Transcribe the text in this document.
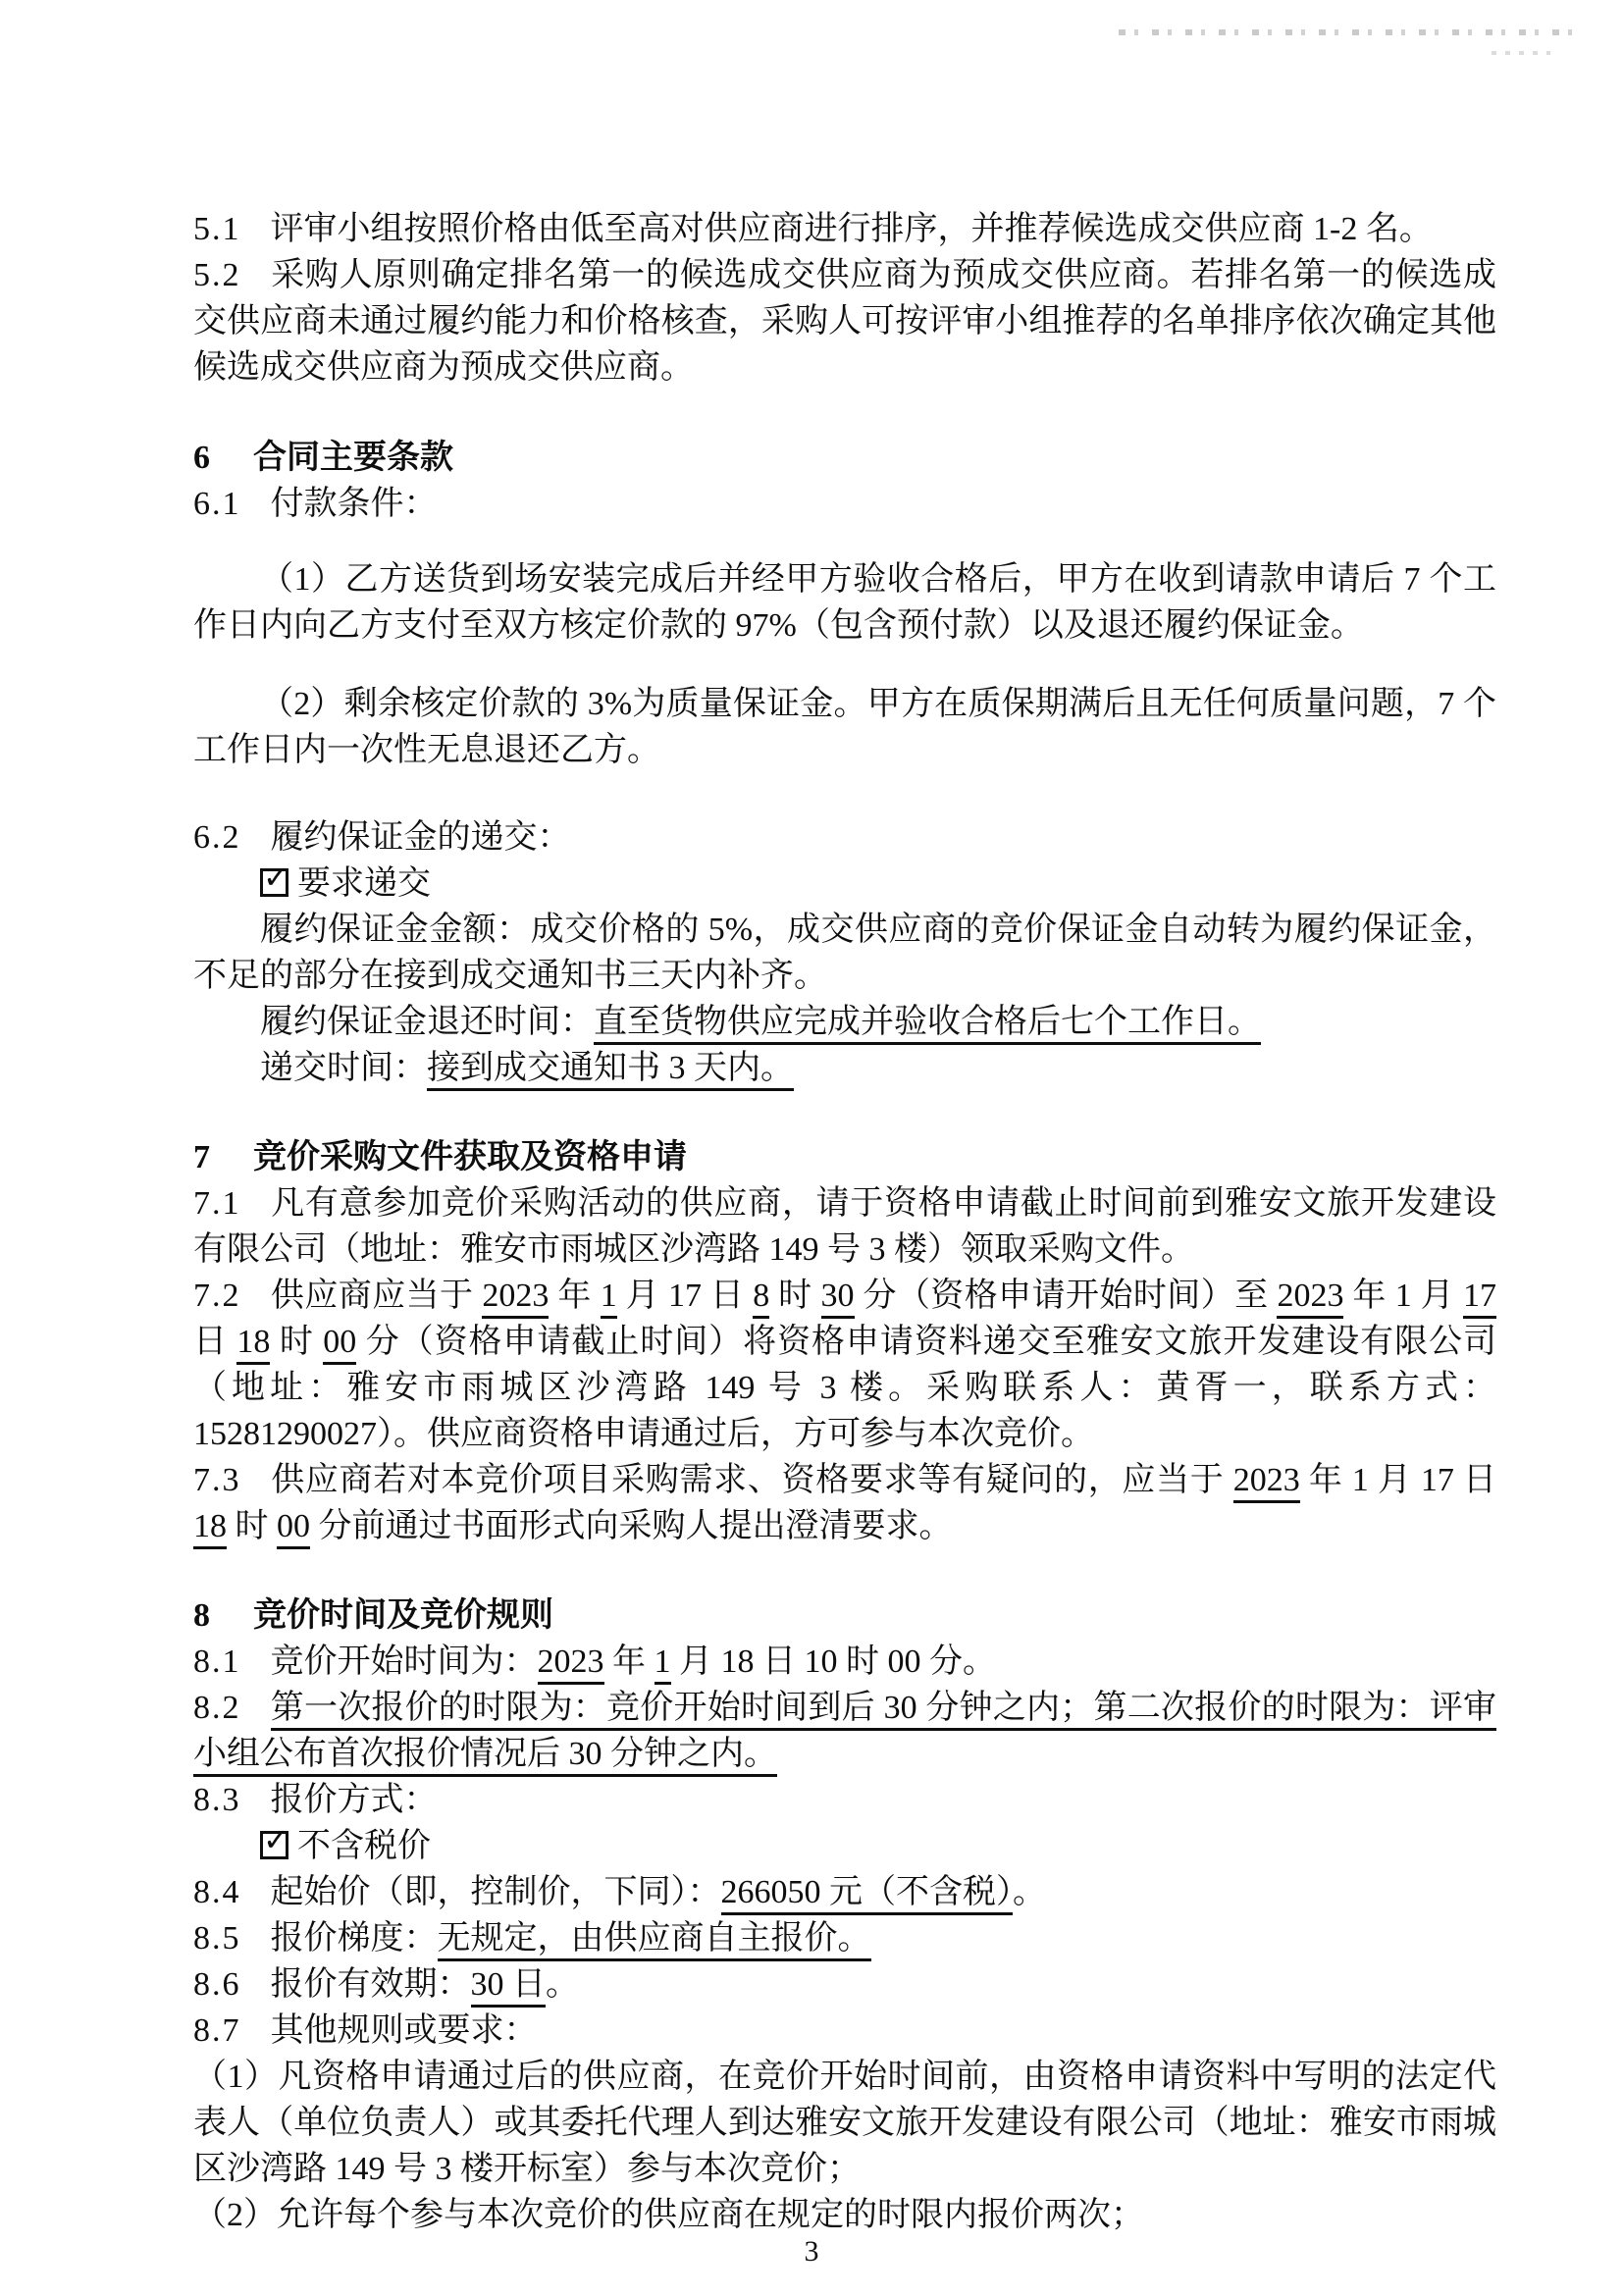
5.1 评审小组按照价格由低至高对供应商进行排序，并推荐候选成交供应商 1-2 名。

5.2 采购人原则确定排名第一的候选成交供应商为预成交供应商。若排名第一的候选成交供应商未通过履约能力和价格核查，采购人可按评审小组推荐的名单排序依次确定其他候选成交供应商为预成交供应商。

6 合同主要条款

6.1 付款条件：

（1）乙方送货到场安装完成后并经甲方验收合格后，甲方在收到请款申请后 7 个工作日内向乙方支付至双方核定价款的 97%（包含预付款）以及退还履约保证金。

（2）剩余核定价款的 3%为质量保证金。甲方在质保期满后且无任何质量问题，7 个工作日内一次性无息退还乙方。

6.2 履约保证金的递交：

✓要求递交

履约保证金金额：成交价格的 5%，成交供应商的竞价保证金自动转为履约保证金，不足的部分在接到成交通知书三天内补齐。

履约保证金退还时间：直至货物供应完成并验收合格后七个工作日。

递交时间：接到成交通知书 3 天内。

7 竞价采购文件获取及资格申请

7.1 凡有意参加竞价采购活动的供应商，请于资格申请截止时间前到雅安文旅开发建设有限公司（地址：雅安市雨城区沙湾路 149 号 3 楼）领取采购文件。

7.2 供应商应当于 2023 年 1 月 17 日 8 时 30 分（资格申请开始时间）至 2023 年 1 月 17 日 18 时 00 分（资格申请截止时间）将资格申请资料递交至雅安文旅开发建设有限公司（地址：雅安市雨城区沙湾路 149 号 3 楼。采购联系人：黄胥一，联系方式：15281290027）。供应商资格申请通过后，方可参与本次竞价。

7.3 供应商若对本竞价项目采购需求、资格要求等有疑问的，应当于 2023 年 1 月 17 日 18 时 00 分前通过书面形式向采购人提出澄清要求。

8 竞价时间及竞价规则

8.1 竞价开始时间为：2023 年 1 月 18 日 10 时 00 分。

8.2 第一次报价的时限为：竞价开始时间到后 30 分钟之内；第二次报价的时限为：评审小组公布首次报价情况后 30 分钟之内。

8.3 报价方式：

✓不含税价

8.4 起始价（即，控制价，下同）：266050 元（不含税）。

8.5 报价梯度：无规定，由供应商自主报价。

8.6 报价有效期：30 日。

8.7 其他规则或要求：

（1）凡资格申请通过后的供应商，在竞价开始时间前，由资格申请资料中写明的法定代表人（单位负责人）或其委托代理人到达雅安文旅开发建设有限公司（地址：雅安市雨城区沙湾路 149 号 3 楼开标室）参与本次竞价；

（2）允许每个参与本次竞价的供应商在规定的时限内报价两次；

3
